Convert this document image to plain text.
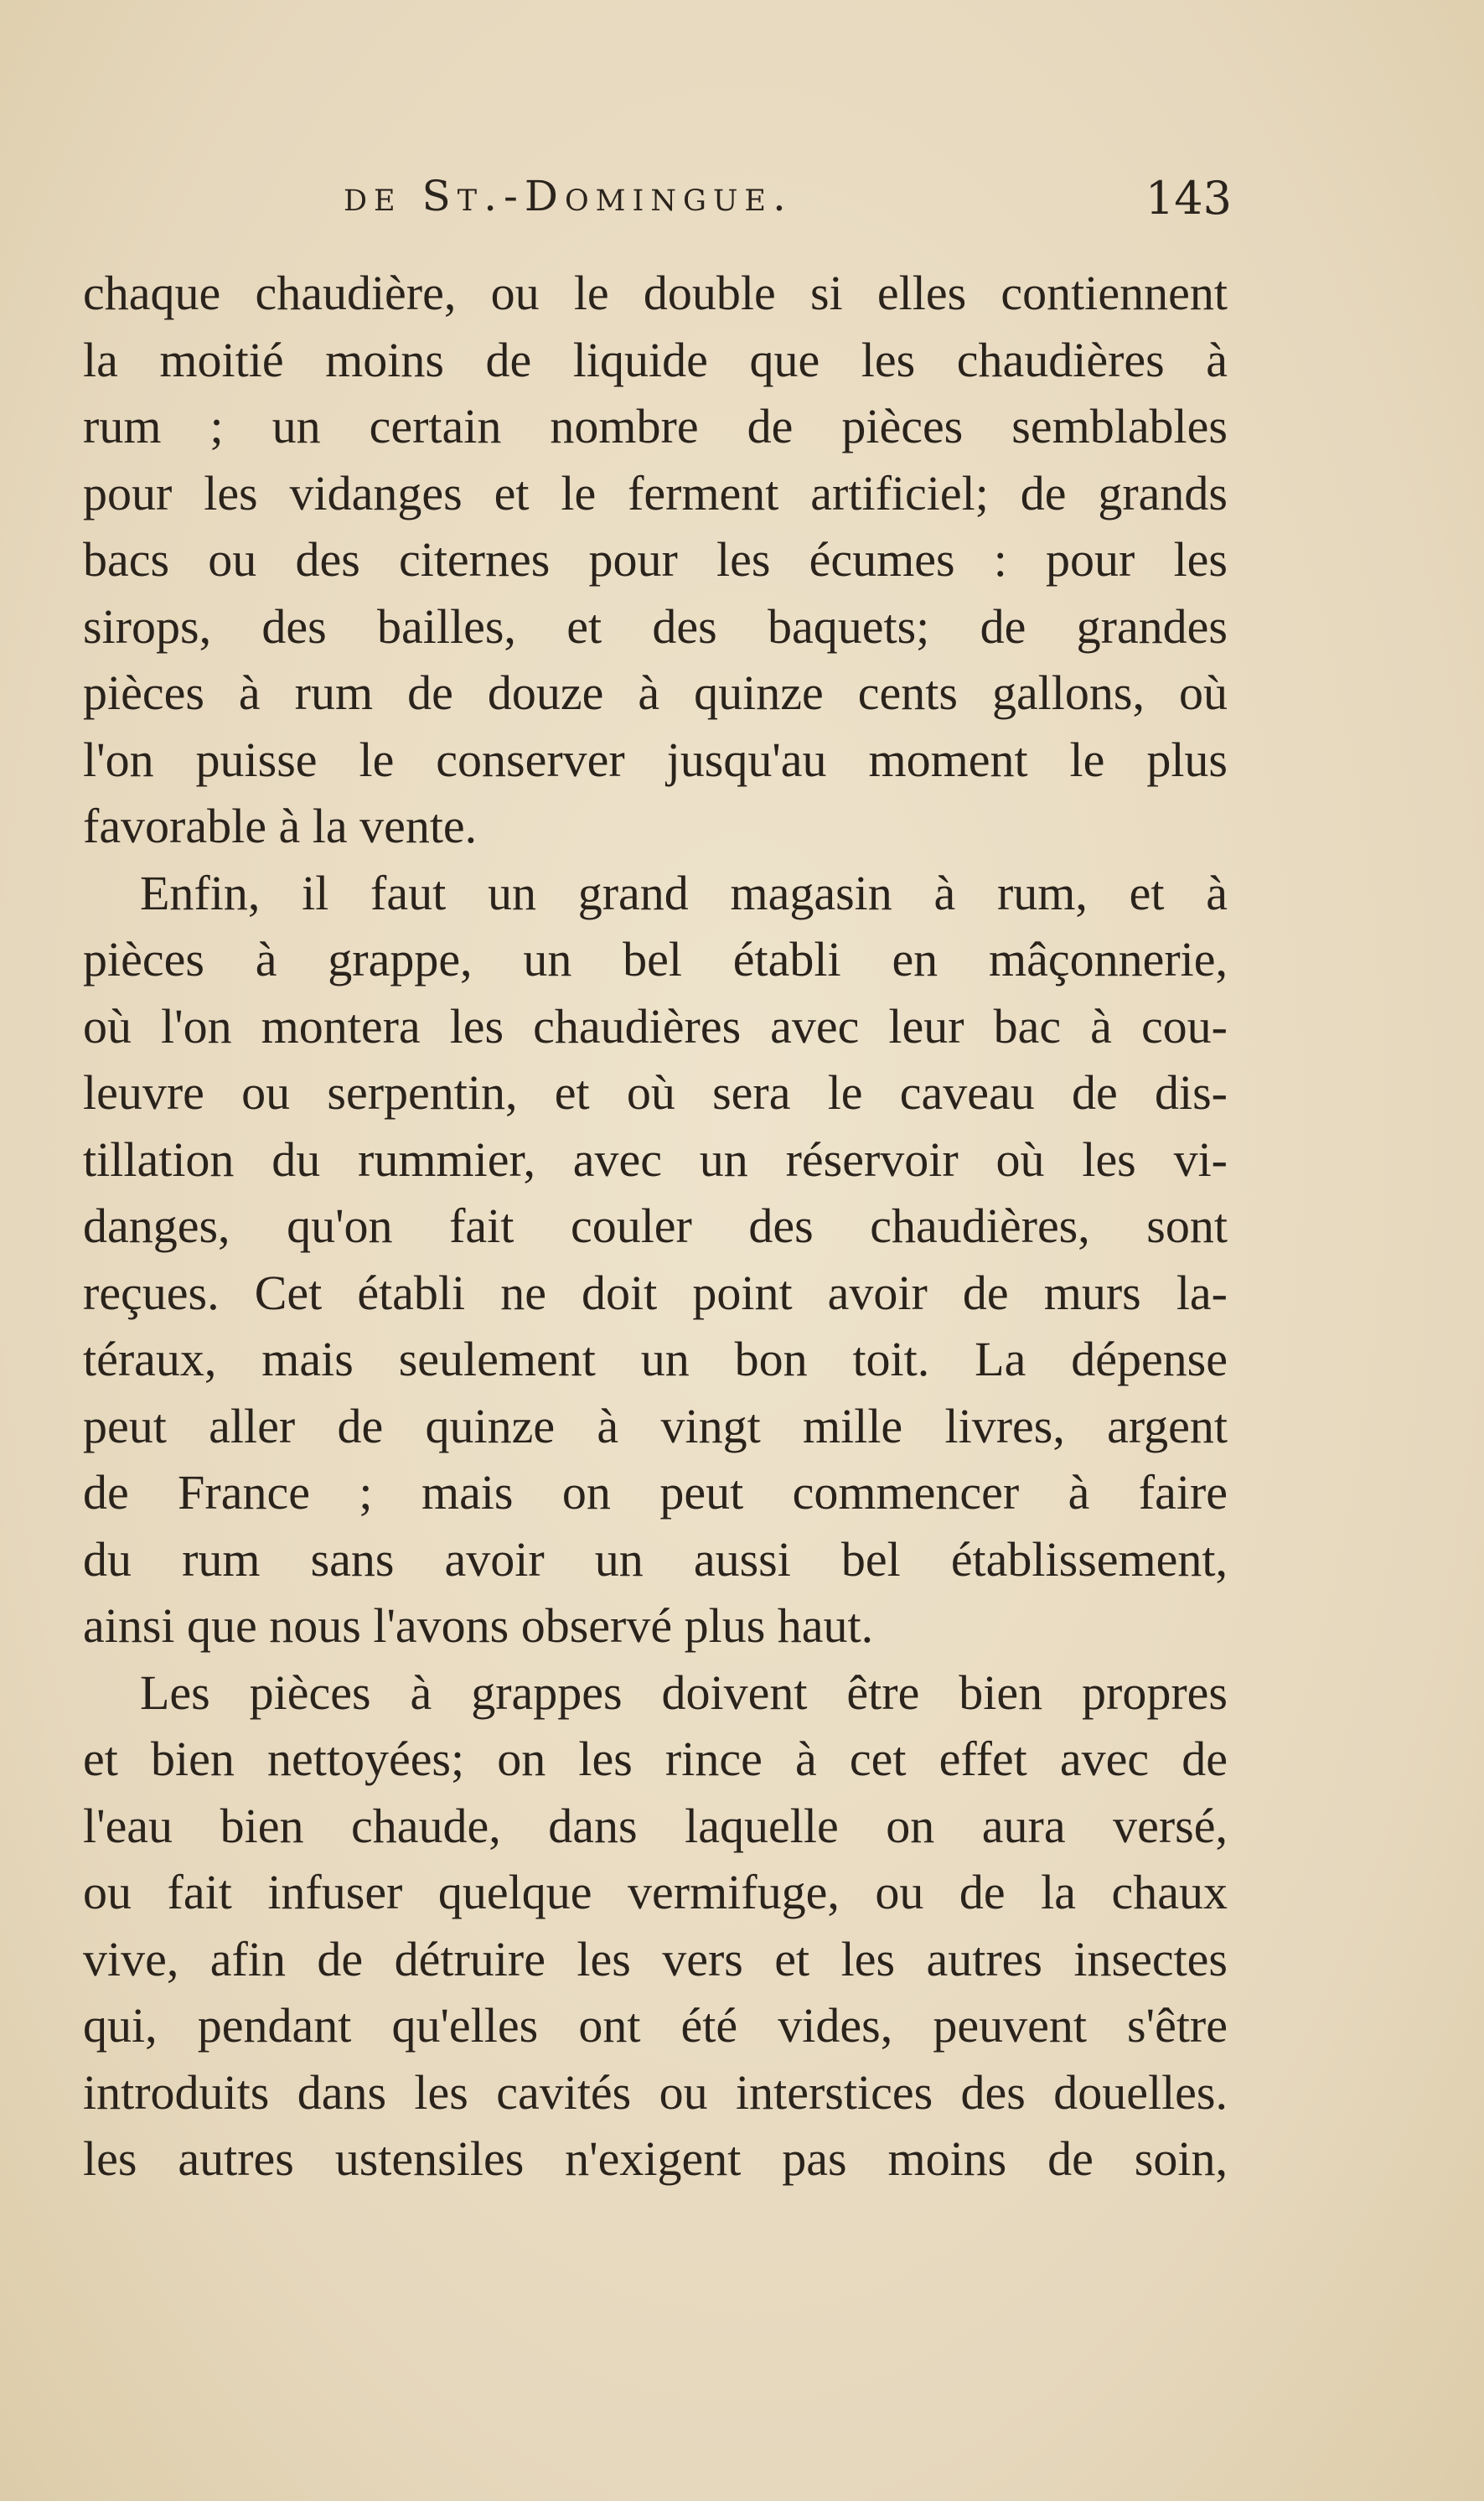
de St.-Domingue.	143
chaque chaudière, ou le double si elles contiennent
la moitié moins de liquide que les chaudières à
rum ; un certain nombre de pièces semblables
pour les vidanges et le ferment artificiel; de grands
bacs ou des citernes pour les écumes : pour les
sirops, des bailles, et des baquets; de grandes
pièces à rum de douze à quinze cents gallons, où
l'on puisse le conserver jusqu'au moment le plus
favorable à la vente.
Enfin, il faut un grand magasin à rum, et à
pièces à grappe, un bel établi en mâçonnerie,
où l'on montera les chaudières avec leur bac à cou-
leuvre ou serpentin, et où sera le caveau de dis-
tillation du rummier, avec un réservoir où les vi-
danges, qu'on fait couler des chaudières, sont
reçues. Cet établi ne doit point avoir de murs la-
téraux, mais seulement un bon toit. La dépense
peut aller de quinze à vingt mille livres, argent
de France ; mais on peut commencer à faire
du rum sans avoir un aussi bel établissement,
ainsi que nous l'avons observé plus haut.
Les pièces à grappes doivent être bien propres
et bien nettoyées; on les rince à cet effet avec de
l'eau bien chaude, dans laquelle on aura versé,
ou fait infuser quelque vermifuge, ou de la chaux
vive, afin de détruire les vers et les autres insectes
qui, pendant qu'elles ont été vides, peuvent s'être
introduits dans les cavités ou interstices des douelles.
les autres ustensiles n'exigent pas moins de soin,
